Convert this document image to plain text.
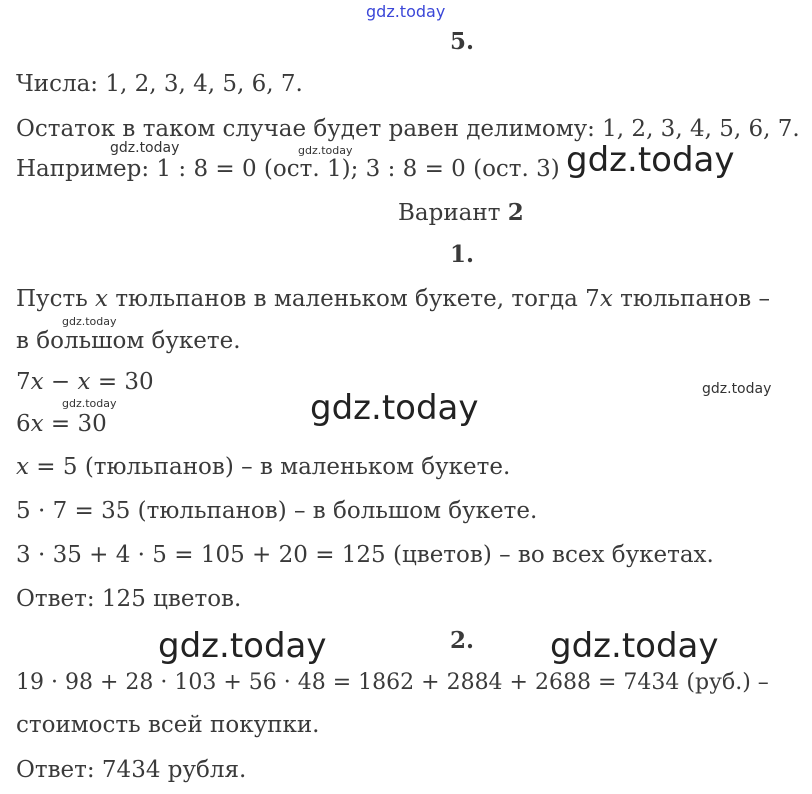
gdz.today
5.
Числа: 1, 2, 3, 4, 5, 6, 7.
Остаток в таком случае будет равен делимому: 1, 2, 3, 4, 5, 6, 7.
Например: 1 : 8 = 0 (ост. 1); 3 : 8 = 0 (ост. 3) gdz.today
gdz.today	gdz.today
Вариант 2
1.
Пусть x тюльпанов в маленьком букете, тогда 7x тюльпанов –
gdz.today
в большом букете.
7x − x = 30	gdz.today
gdz.today
gdz.today
6x = 30
x = 5 (тюльпанов) – в маленьком букете.
5 · 7 = 35 (тюльпанов) – в большом букете.
3 · 35 + 4 · 5 = 105 + 20 = 125 (цветов) – во всех букетах.
Ответ: 125 цветов.
gdz.today	gdz.today
2.
19 · 98 + 28 · 103 + 56 · 48 = 1862 + 2884 + 2688 = 7434 (руб.) –
стоимость всей покупки.
Ответ: 7434 рубля.
